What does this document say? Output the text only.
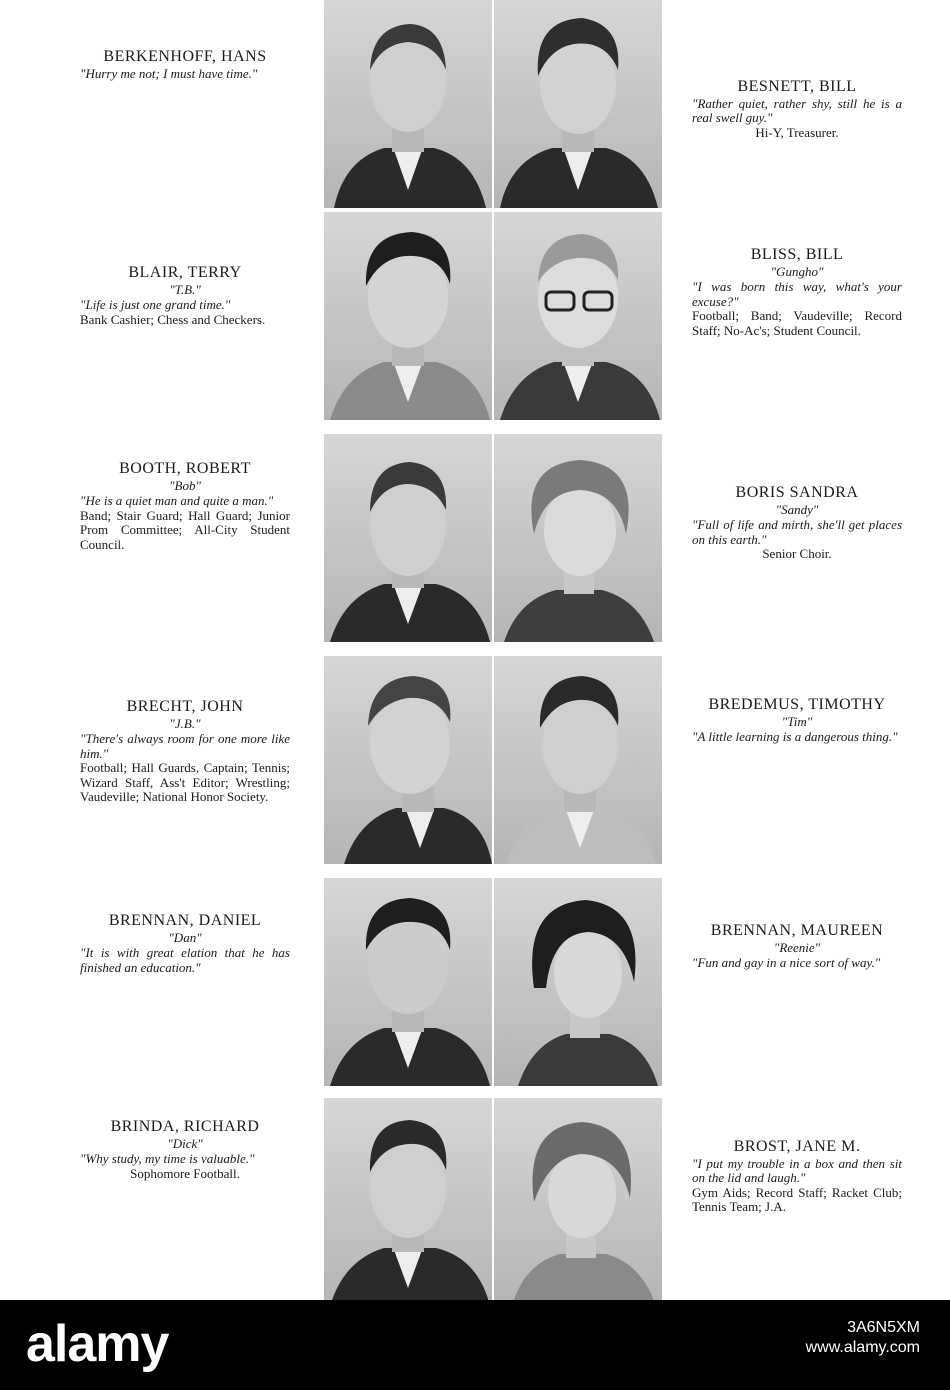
BERKENHOFF, HANS
"Hurry me not; I must have time."
BLAIR, TERRY
"T.B."
"Life is just one grand time."
Bank Cashier; Chess and Checkers.
BOOTH, ROBERT
"Bob"
"He is a quiet man and quite a man."
Band; Stair Guard; Hall Guard; Junior Prom Committee; All-City Student Council.
BRECHT, JOHN
"J.B."
"There's always room for one more like him."
Football; Hall Guards, Captain; Tennis; Wizard Staff, Ass't Editor; Wrestling; Vaudeville; National Honor Society.
BRENNAN, DANIEL
"Dan"
"It is with great elation that he has finished an education."
BRINDA, RICHARD
"Dick"
"Why study, my time is valuable."
Sophomore Football.
BESNETT, BILL
"Rather quiet, rather shy, still he is a real swell guy."
Hi-Y, Treasurer.
BLISS, BILL
"Gungho"
"I was born this way, what's your excuse?"
Football; Band; Vaudeville; Record Staff; No-Ac's; Student Council.
BORIS SANDRA
"Sandy"
"Full of life and mirth, she'll get places on this earth."
Senior Choir.
BREDEMUS, TIMOTHY
"Tim"
"A little learning is a dangerous thing."
BRENNAN, MAUREEN
"Reenie"
"Fun and gay in a nice sort of way."
BROST, JANE M.
"I put my trouble in a box and then sit on the lid and laugh."
Gym Aids; Record Staff; Racket Club; Tennis Team; J.A.
alamy	3A6N5XM
www.alamy.com
